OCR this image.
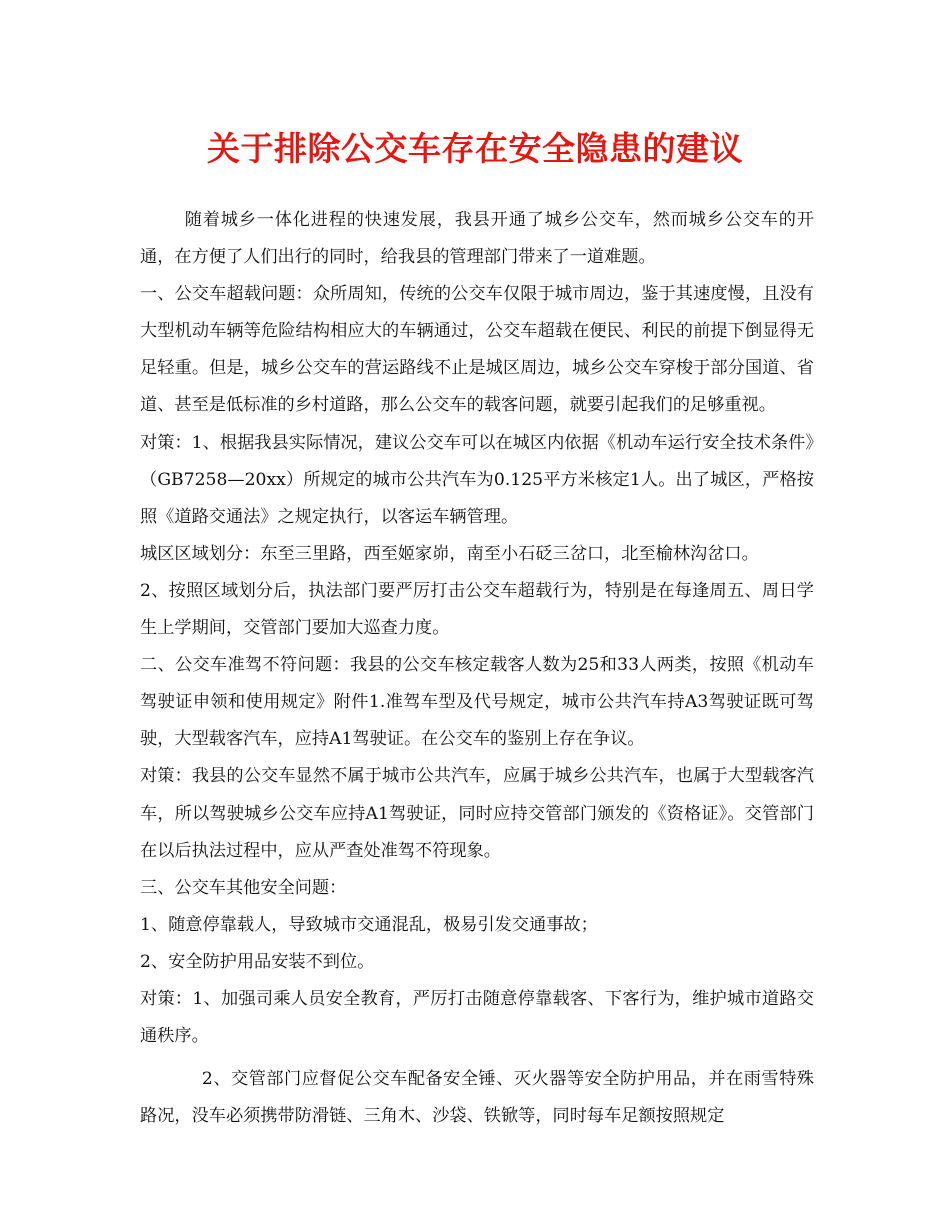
关于排除公交车存在安全隐患的建议

随着城乡一体化进程的快速发展，我县开通了城乡公交车，然而城乡公交车的开通，在方便了人们出行的同时，给我县的管理部门带来了一道难题。

一、公交车超载问题：众所周知，传统的公交车仅限于城市周边，鉴于其速度慢，且没有大型机动车辆等危险结构相应大的车辆通过，公交车超载在便民、利民的前提下倒显得无足轻重。但是，城乡公交车的营运路线不止是城区周边，城乡公交车穿梭于部分国道、省道、甚至是低标准的乡村道路，那么公交车的载客问题，就要引起我们的足够重视。

对策：1、根据我县实际情况，建议公交车可以在城区内依据《机动车运行安全技术条件》（GB7258—20xx）所规定的城市公共汽车为0.125平方米核定1人。出了城区，严格按照《道路交通法》之规定执行，以客运车辆管理。

城区区域划分：东至三里路，西至姬家峁，南至小石砭三岔口，北至榆林沟岔口。

2、按照区域划分后，执法部门要严厉打击公交车超载行为，特别是在每逢周五、周日学生上学期间，交管部门要加大巡查力度。

二、公交车准驾不符问题：我县的公交车核定载客人数为25和33人两类，按照《机动车驾驶证申领和使用规定》附件1.准驾车型及代号规定，城市公共汽车持A3驾驶证既可驾驶，大型载客汽车，应持A1驾驶证。在公交车的鉴别上存在争议。

对策：我县的公交车显然不属于城市公共汽车，应属于城乡公共汽车，也属于大型载客汽车，所以驾驶城乡公交车应持A1驾驶证，同时应持交管部门颁发的《资格证》。交管部门在以后执法过程中，应从严查处准驾不符现象。

三、公交车其他安全问题：

1、随意停靠载人，导致城市交通混乱，极易引发交通事故；

2、安全防护用品安装不到位。

对策：1、加强司乘人员安全教育，严厉打击随意停靠载客、下客行为，维护城市道路交通秩序。

2、交管部门应督促公交车配备安全锤、灭火器等安全防护用品，并在雨雪特殊路况，没车必须携带防滑链、三角木、沙袋、铁锨等，同时每车足额按照规定
